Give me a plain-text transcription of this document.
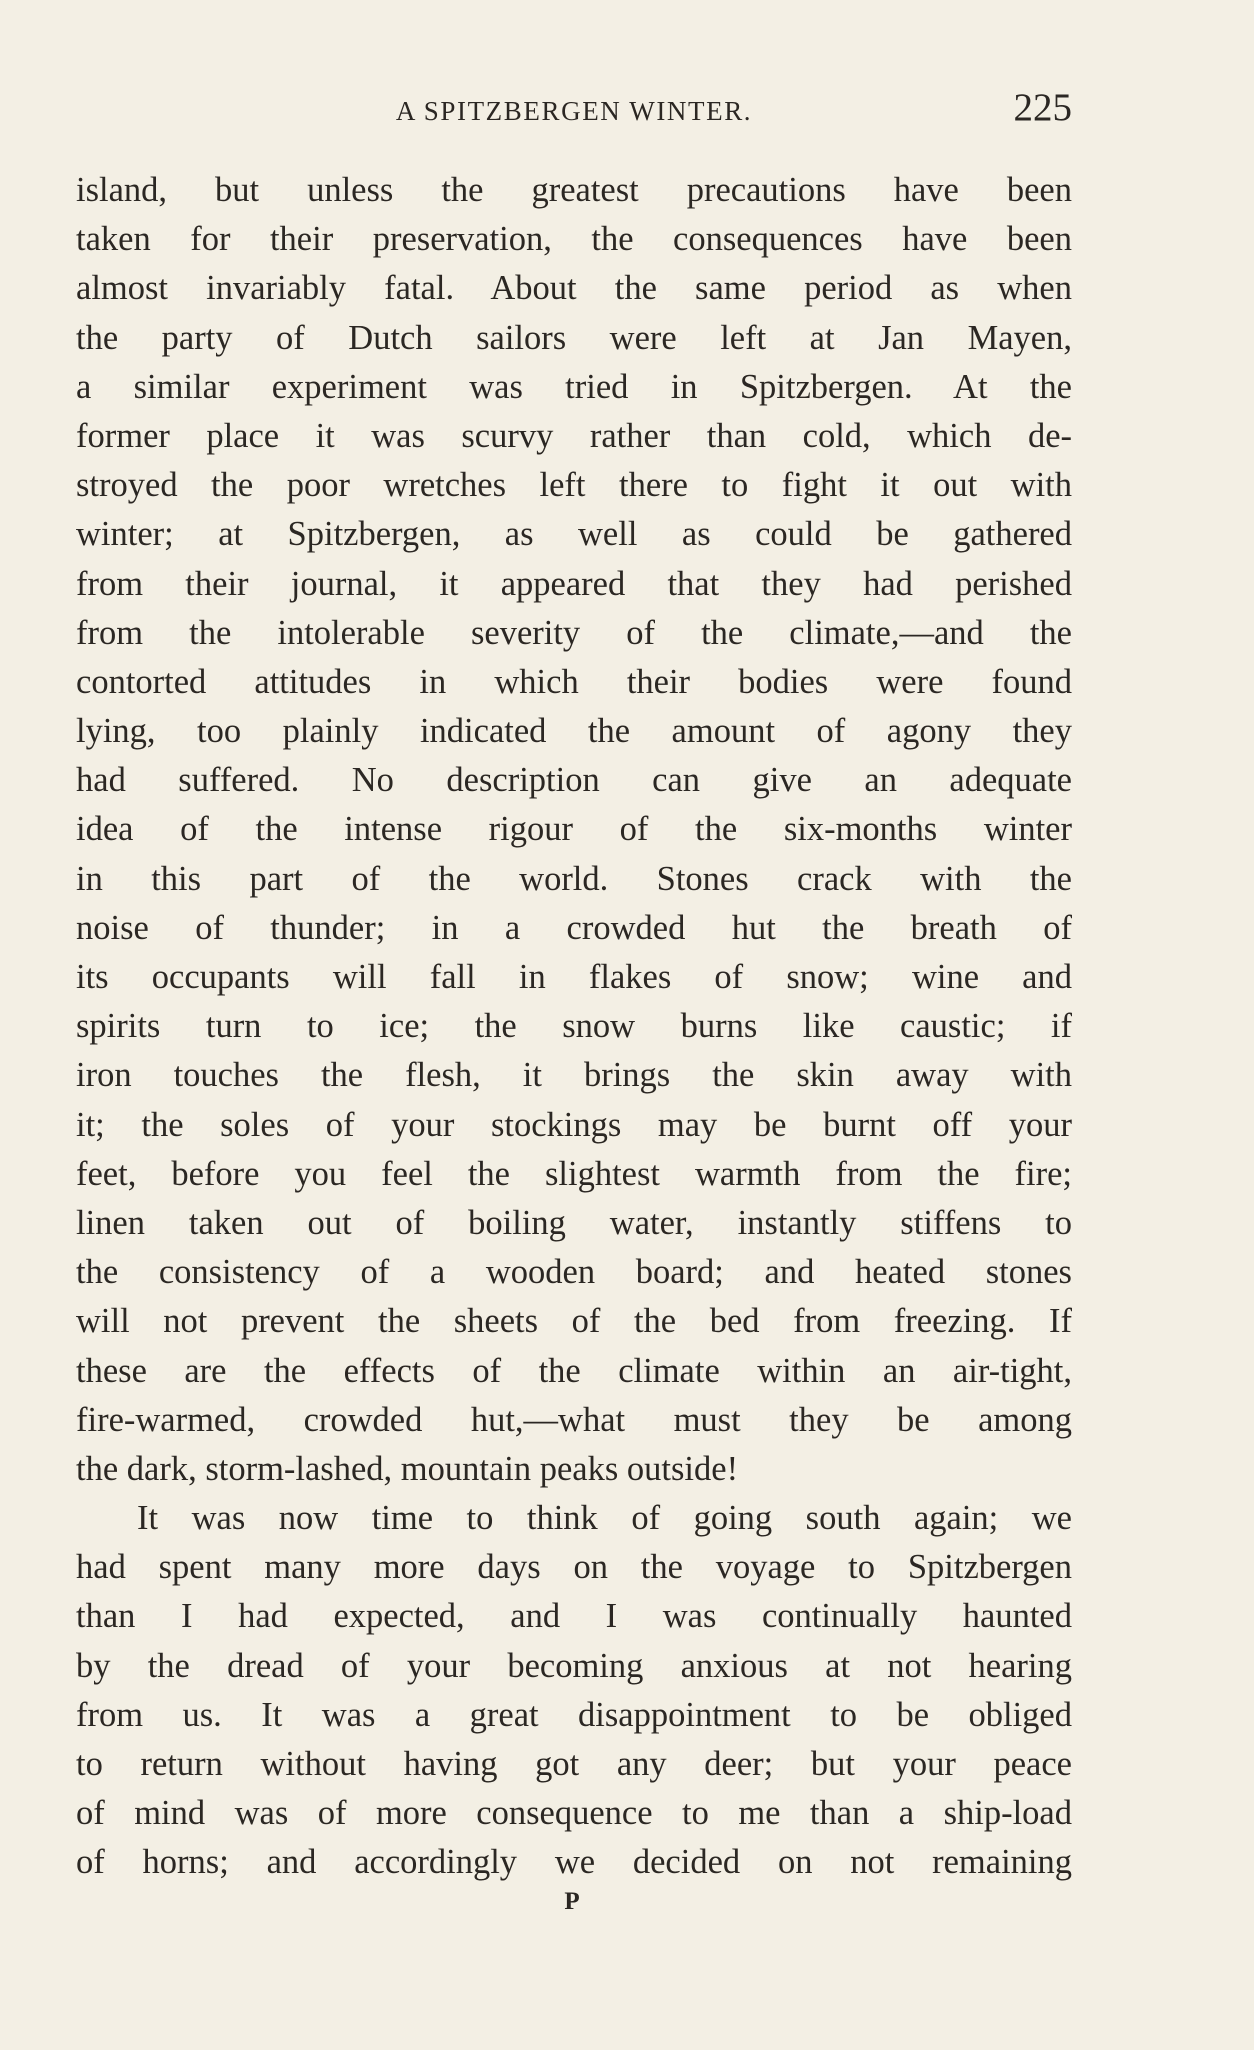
A SPITZBERGEN WINTER.	225
island, but unless the greatest precautions have been
taken for their preservation, the consequences have been
almost invariably fatal. About the same period as when
the party of Dutch sailors were left at Jan Mayen,
a similar experiment was tried in Spitzbergen. At the
former place it was scurvy rather than cold, which de-
stroyed the poor wretches left there to fight it out with
winter; at Spitzbergen, as well as could be gathered
from their journal, it appeared that they had perished
from the intolerable severity of the climate,—and the
contorted attitudes in which their bodies were found
lying, too plainly indicated the amount of agony they
had suffered. No description can give an adequate
idea of the intense rigour of the six-months winter
in this part of the world. Stones crack with the
noise of thunder; in a crowded hut the breath of
its occupants will fall in flakes of snow; wine and
spirits turn to ice; the snow burns like caustic; if
iron touches the flesh, it brings the skin away with
it; the soles of your stockings may be burnt off your
feet, before you feel the slightest warmth from the fire;
linen taken out of boiling water, instantly stiffens to
the consistency of a wooden board; and heated stones
will not prevent the sheets of the bed from freezing. If
these are the effects of the climate within an air-tight,
fire-warmed, crowded hut,—what must they be among
the dark, storm-lashed, mountain peaks outside!
It was now time to think of going south again; we
had spent many more days on the voyage to Spitzbergen
than I had expected, and I was continually haunted
by the dread of your becoming anxious at not hearing
from us. It was a great disappointment to be obliged
to return without having got any deer; but your peace
of mind was of more consequence to me than a ship-load
of horns; and accordingly we decided on not remaining
P
